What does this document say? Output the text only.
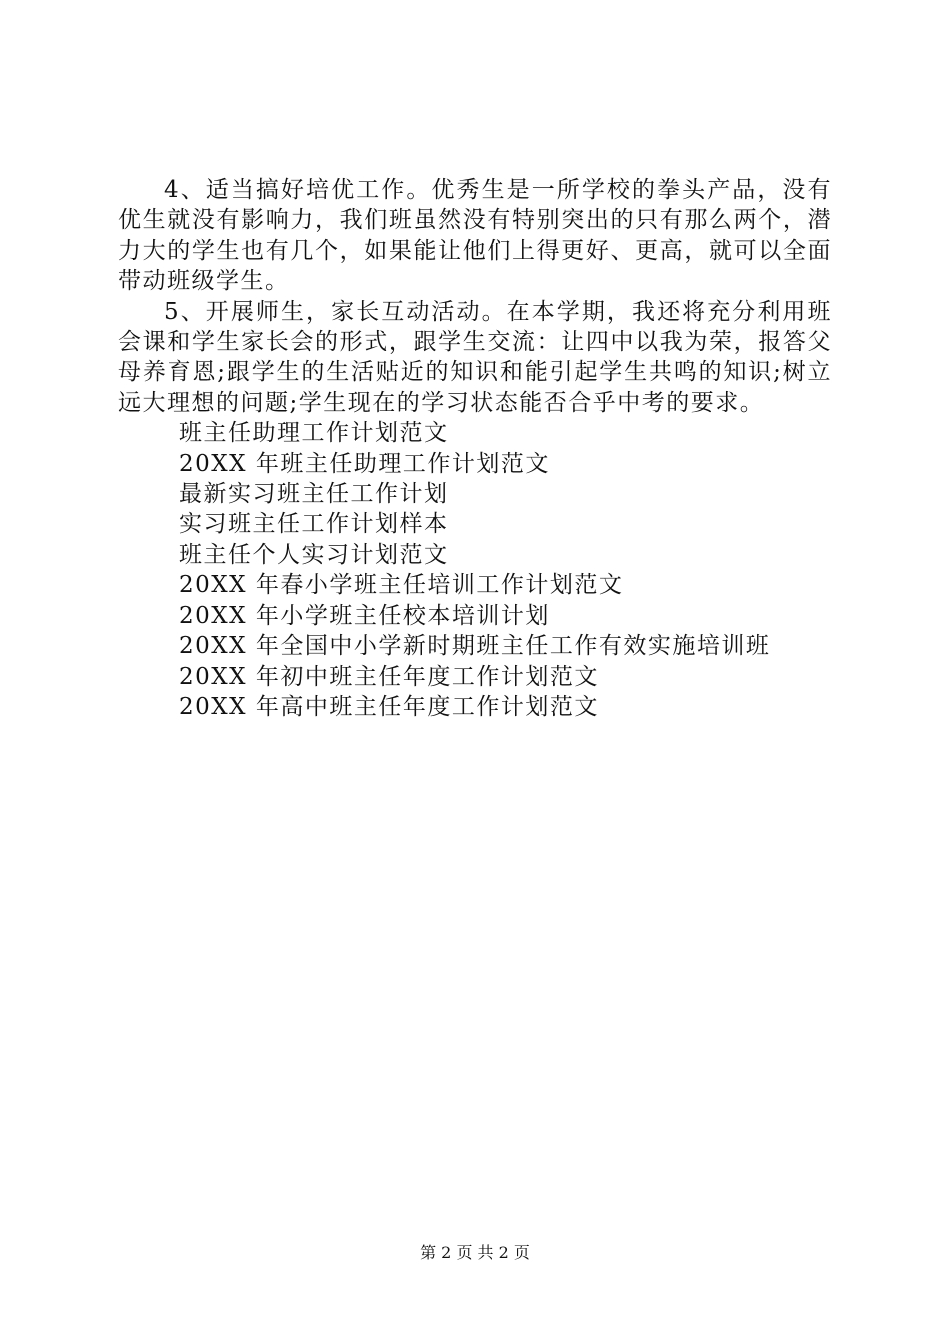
4、适当搞好培优工作。优秀生是一所学校的拳头产品，没有优生就没有影响力，我们班虽然没有特别突出的只有那么两个，潜力大的学生也有几个，如果能让他们上得更好、更高，就可以全面带动班级学生。

5、开展师生，家长互动活动。在本学期，我还将充分利用班会课和学生家长会的形式，跟学生交流：让四中以我为荣，报答父母养育恩;跟学生的生活贴近的知识和能引起学生共鸣的知识;树立远大理想的问题;学生现在的学习状态能否合乎中考的要求。

班主任助理工作计划范文
20XX 年班主任助理工作计划范文
最新实习班主任工作计划
实习班主任工作计划样本
班主任个人实习计划范文
20XX 年春小学班主任培训工作计划范文
20XX 年小学班主任校本培训计划
20XX 年全国中小学新时期班主任工作有效实施培训班
20XX 年初中班主任年度工作计划范文
20XX 年高中班主任年度工作计划范文
第 2 页 共 2 页
